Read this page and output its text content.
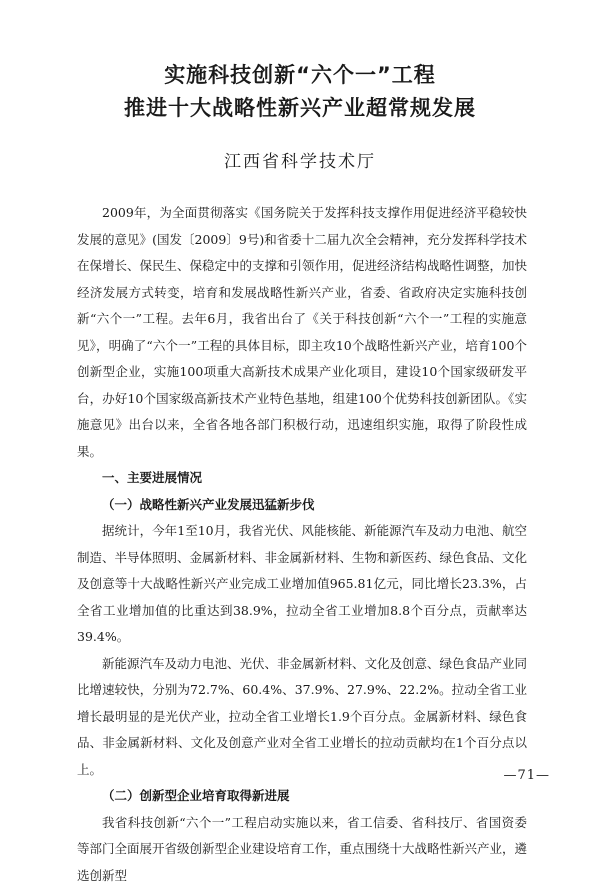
实施科技创新“六个一”工程
推进十大战略性新兴产业超常规发展
江西省科学技术厅

2009年，为全面贯彻落实《国务院关于发挥科技支撑作用促进经济平稳较快发展的意见》(国发〔2009〕9号)和省委十二届九次全会精神，充分发挥科学技术在保增长、保民生、保稳定中的支撑和引领作用，促进经济结构战略性调整，加快经济发展方式转变，培育和发展战略性新兴产业，省委、省政府决定实施科技创新“六个一”工程。去年6月，我省出台了《关于科技创新“六个一”工程的实施意见》，明确了“六个一”工程的具体目标，即主攻10个战略性新兴产业，培育100个创新型企业，实施100项重大高新技术成果产业化项目，建设10个国家级研发平台，办好10个国家级高新技术产业特色基地，组建100个优势科技创新团队。《实施意见》出台以来，全省各地各部门积极行动，迅速组织实施，取得了阶段性成果。

一、主要进展情况
（一）战略性新兴产业发展迅猛新步伐

据统计，今年1至10月，我省光伏、风能核能、新能源汽车及动力电池、航空制造、半导体照明、金属新材料、非金属新材料、生物和新医药、绿色食品、文化及创意等十大战略性新兴产业完成工业增加值965.81亿元，同比增长23.3%，占全省工业增加值的比重达到38.9%，拉动全省工业增加8.8个百分点，贡献率达39.4%。

新能源汽车及动力电池、光伏、非金属新材料、文化及创意、绿色食品产业同比增速较快，分别为72.7%、60.4%、37.9%、27.9%、22.2%。拉动全省工业增长最明显的是光伏产业，拉动全省工业增长1.9个百分点。金属新材料、绿色食品、非金属新材料、文化及创意产业对全省工业增长的拉动贡献均在1个百分点以上。

（二）创新型企业培育取得新进展

我省科技创新“六个一”工程启动实施以来，省工信委、省科技厅、省国资委等部门全面展开省级创新型企业建设培育工作，重点围绕十大战略性新兴产业，遴选创新型

—71—
